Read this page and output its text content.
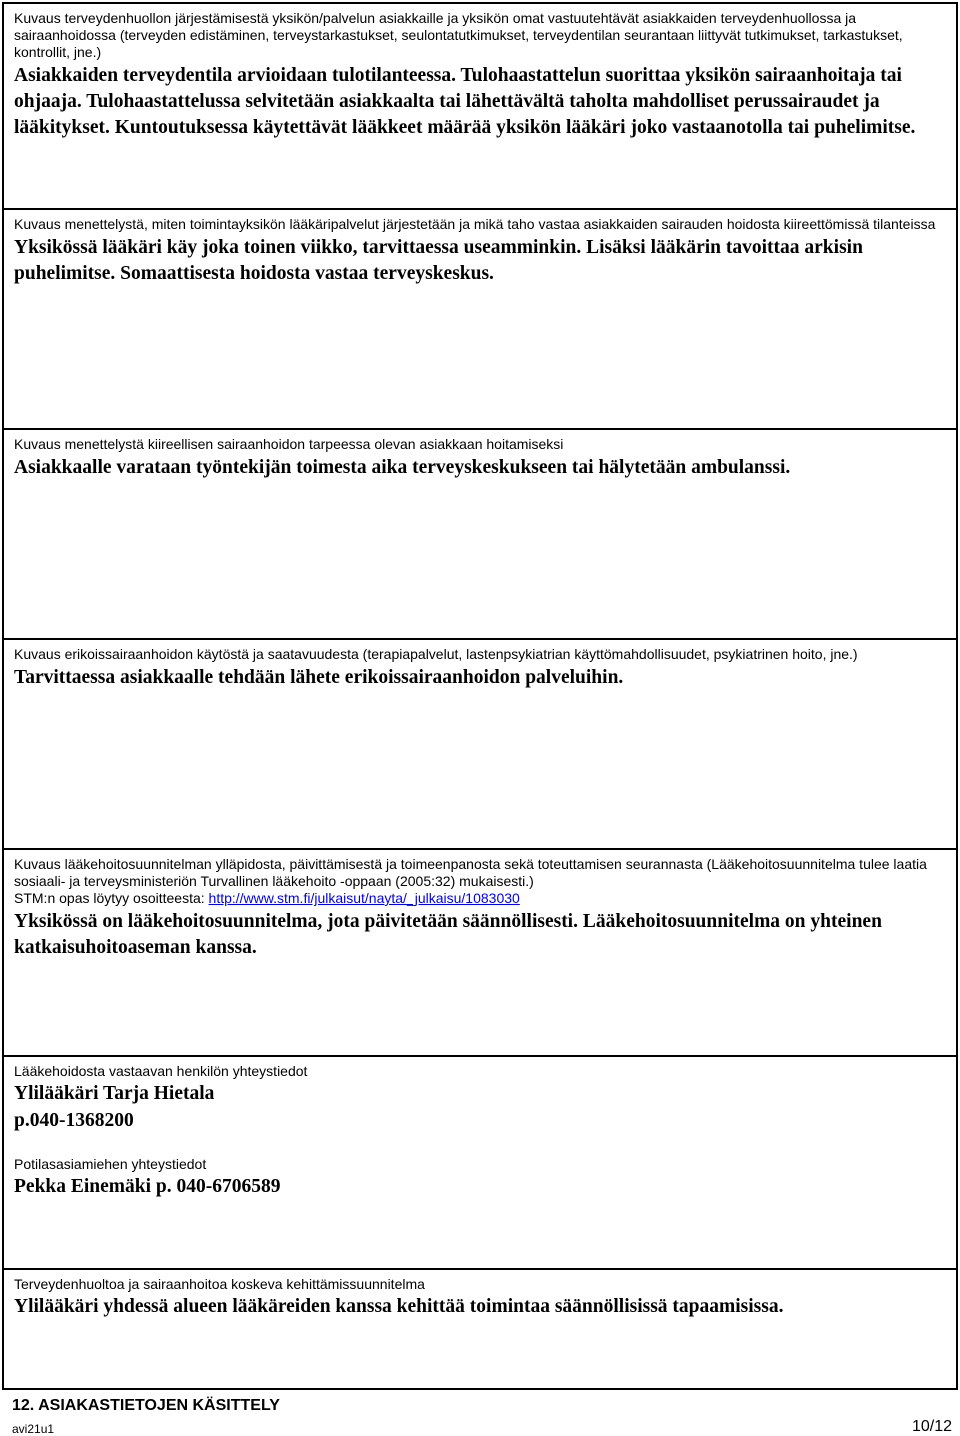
Kuvaus terveydenhuollon järjestämisestä yksikön/palvelun asiakkaille ja yksikön omat vastuutehtävät asiakkaiden terveydenhuollossa ja sairaanhoidossa (terveyden edistäminen, terveystarkastukset, seulontatutkimukset, terveydentilan seurantaan liittyvät tutkimukset, tarkastukset, kontrollit, jne.)

Asiakkaiden terveydentila arvioidaan tulotilanteessa. Tulohaastattelun suorittaa yksikön sairaanhoitaja tai ohjaaja. Tulohaastattelussa selvitetään asiakkaalta tai lähettävältä taholta mahdolliset perussairaudet ja lääkitykset. Kuntoutuksessa käytettävät lääkkeet määrää yksikön lääkäri joko vastaanotolla tai puhelimitse.

Kuvaus menettelystä, miten toimintayksikön lääkäripalvelut järjestetään ja mikä taho vastaa asiakkaiden sairauden hoidosta kiireettömissä tilanteissa

Yksikössä lääkäri käy joka toinen viikko, tarvittaessa useamminkin. Lisäksi lääkärin tavoittaa arkisin puhelimitse. Somaattisesta hoidosta vastaa terveyskeskus.

Kuvaus menettelystä kiireellisen sairaanhoidon tarpeessa olevan asiakkaan hoitamiseksi

Asiakkaalle varataan työntekijän toimesta aika terveyskeskukseen tai hälytetään ambulanssi.

Kuvaus erikoissairaanhoidon käytöstä ja saatavuudesta (terapiapalvelut, lastenpsykiatrian käyttömahdollisuudet, psykiatrinen hoito, jne.)

Tarvittaessa asiakkaalle tehdään lähete erikoissairaanhoidon palveluihin.

Kuvaus lääkehoitosuunnitelman ylläpidosta, päivittämisestä ja toimeenpanosta sekä toteuttamisen seurannasta (Lääkehoitosuunnitelma tulee laatia sosiaali- ja terveysministeriön Turvallinen lääkehoito -oppaan (2005:32) mukaisesti.)
STM:n opas löytyy osoitteesta: http://www.stm.fi/julkaisut/nayta/_julkaisu/1083030

Yksikössä on lääkehoitosuunnitelma, jota päivitetään säännöllisesti. Lääkehoitosuunnitelma on yhteinen katkaisuhoitoaseman kanssa.

Lääkehoidosta vastaavan henkilön yhteystiedot

Ylilääkäri Tarja Hietala

p.040-1368200

Potilasasiamiehen yhteystiedot

Pekka Einemäki p. 040-6706589

Terveydenhuoltoa ja sairaanhoitoa koskeva kehittämissuunnitelma

Ylilääkäri yhdessä alueen lääkäreiden kanssa kehittää toimintaa säännöllisissä tapaamisissa.

12. ASIAKASTIETOJEN KÄSITTELY

avi21u1	10/12
